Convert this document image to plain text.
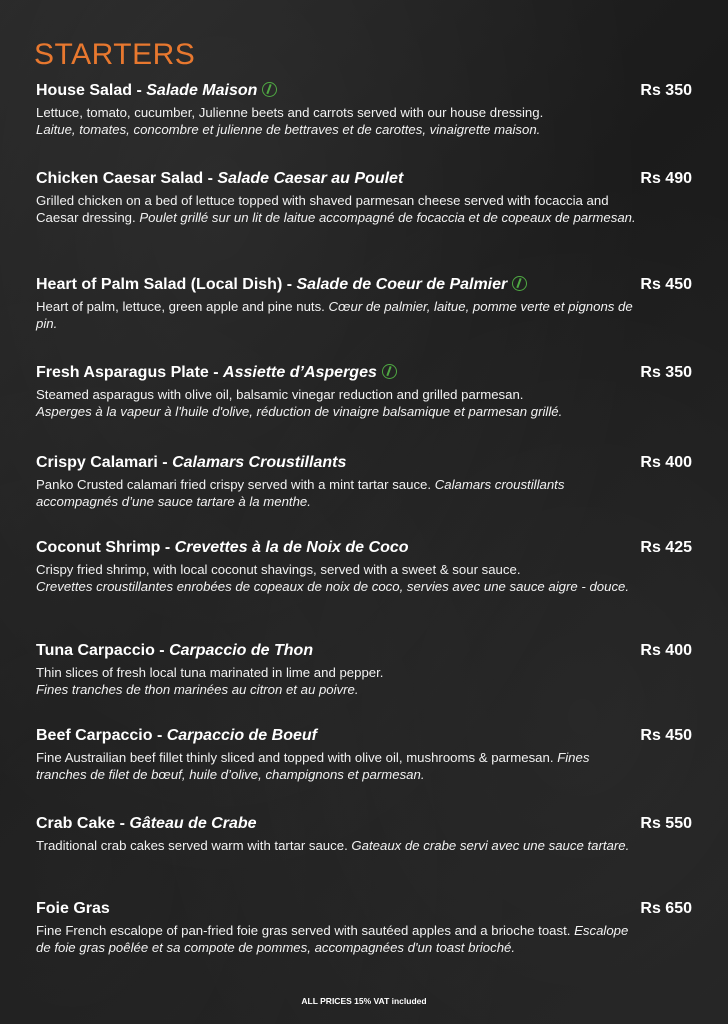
STARTERS
House Salad - Salade Maison	Rs 350
Lettuce, tomato, cucumber, Julienne beets and carrots served with our house dressing.
Laitue, tomates, concombre et julienne de bettraves et de carottes, vinaigrette maison.
Chicken Caesar Salad - Salade Caesar au Poulet	Rs 490
Grilled chicken on a bed of lettuce topped with shaved parmesan cheese served with focaccia and Caesar dressing. Poulet grillé sur un lit de laitue accompagné de focaccia et de copeaux de parmesan.
Heart of Palm Salad (Local Dish) - Salade de Coeur de Palmier	Rs 450
Heart of palm, lettuce, green apple and pine nuts. Cœur de palmier, laitue, pomme verte et pignons de pin.
Fresh Asparagus Plate - Assiette d’Asperges	Rs 350
Steamed asparagus with olive oil, balsamic vinegar reduction and grilled parmesan.
Asperges à la vapeur à l'huile d'olive, réduction de vinaigre balsamique et parmesan grillé.
Crispy Calamari - Calamars Croustillants	Rs 400
Panko Crusted calamari fried crispy served with a mint tartar sauce. Calamars croustillants accompagnés d’une sauce tartare à la menthe.
Coconut Shrimp - Crevettes à la de Noix de Coco	Rs 425
Crispy fried shrimp, with local coconut shavings, served with a sweet & sour sauce.
Crevettes croustillantes enrobées de copeaux de noix de coco, servies avec une sauce aigre - douce.
Tuna Carpaccio - Carpaccio de Thon	Rs 400
Thin slices of fresh local tuna marinated in lime and pepper.
Fines tranches de thon marinées au citron et au poivre.
Beef Carpaccio - Carpaccio de Boeuf	Rs 450
Fine Austrailian beef fillet thinly sliced and topped with olive oil, mushrooms & parmesan. Fines tranches de filet de bœuf, huile d’olive, champignons et parmesan.
Crab Cake - Gâteau de Crabe	Rs 550
Traditional crab cakes served warm with tartar sauce. Gateaux de crabe servi avec une sauce tartare.
Foie Gras	Rs 650
Fine French escalope of pan-fried foie gras served with sautéed apples and a brioche toast. Escalope de foie gras poêlée et sa compote de pommes, accompagnées d'un toast brioché.
ALL PRICES 15% VAT included
